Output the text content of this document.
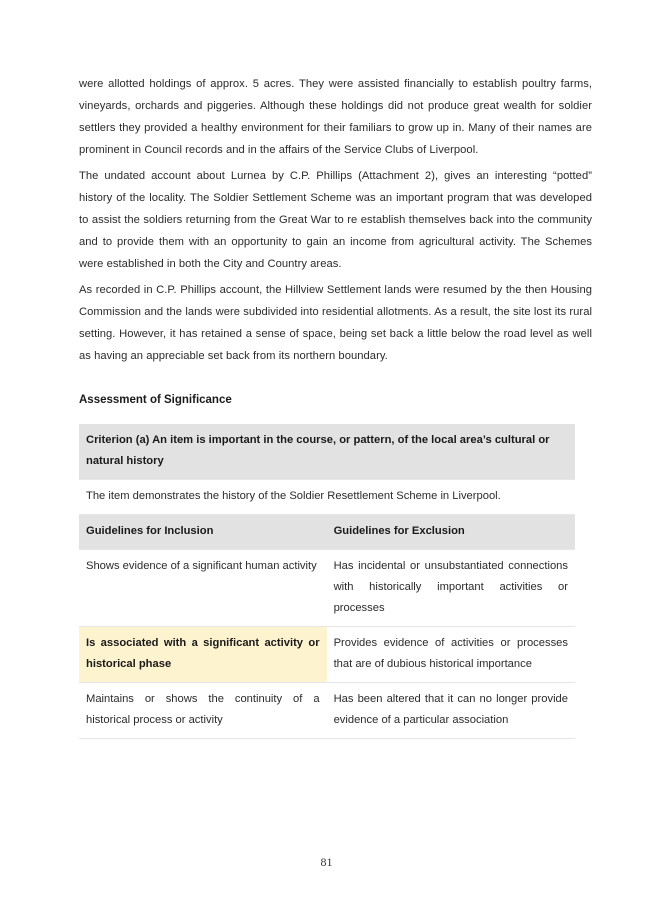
were allotted holdings of approx. 5 acres. They were assisted financially to establish poultry farms, vineyards, orchards and piggeries. Although these holdings did not produce great wealth for soldier settlers they provided a healthy environment for their familiars to grow up in. Many of their names are prominent in Council records and in the affairs of the Service Clubs of Liverpool.

The undated account about Lurnea by C.P. Phillips (Attachment 2), gives an interesting “potted” history of the locality. The Soldier Settlement Scheme was an important program that was developed to assist the soldiers returning from the Great War to re establish themselves back into the community and to provide them with an opportunity to gain an income from agricultural activity. The Schemes were established in both the City and Country areas.

As recorded in C.P. Phillips account, the Hillview Settlement lands were resumed by the then Housing Commission and the lands were subdivided into residential allotments. As a result, the site lost its rural setting. However, it has retained a sense of space, being set back a little below the road level as well as having an appreciable set back from its northern boundary.

Assessment of Significance
Criterion (a) An item is important in the course, or pattern, of the local area’s cultural or natural history	
The item demonstrates the history of the Soldier Resettlement Scheme in Liverpool.	
Guidelines for Inclusion	Guidelines for Exclusion
Shows evidence of a significant human activity	Has incidental or unsubstantiated connections with historically important activities or processes
Is associated with a significant activity or historical phase	Provides evidence of activities or processes that are of dubious historical importance
Maintains or shows the continuity of a historical process or activity	Has been altered that it can no longer provide evidence of a particular association
81
